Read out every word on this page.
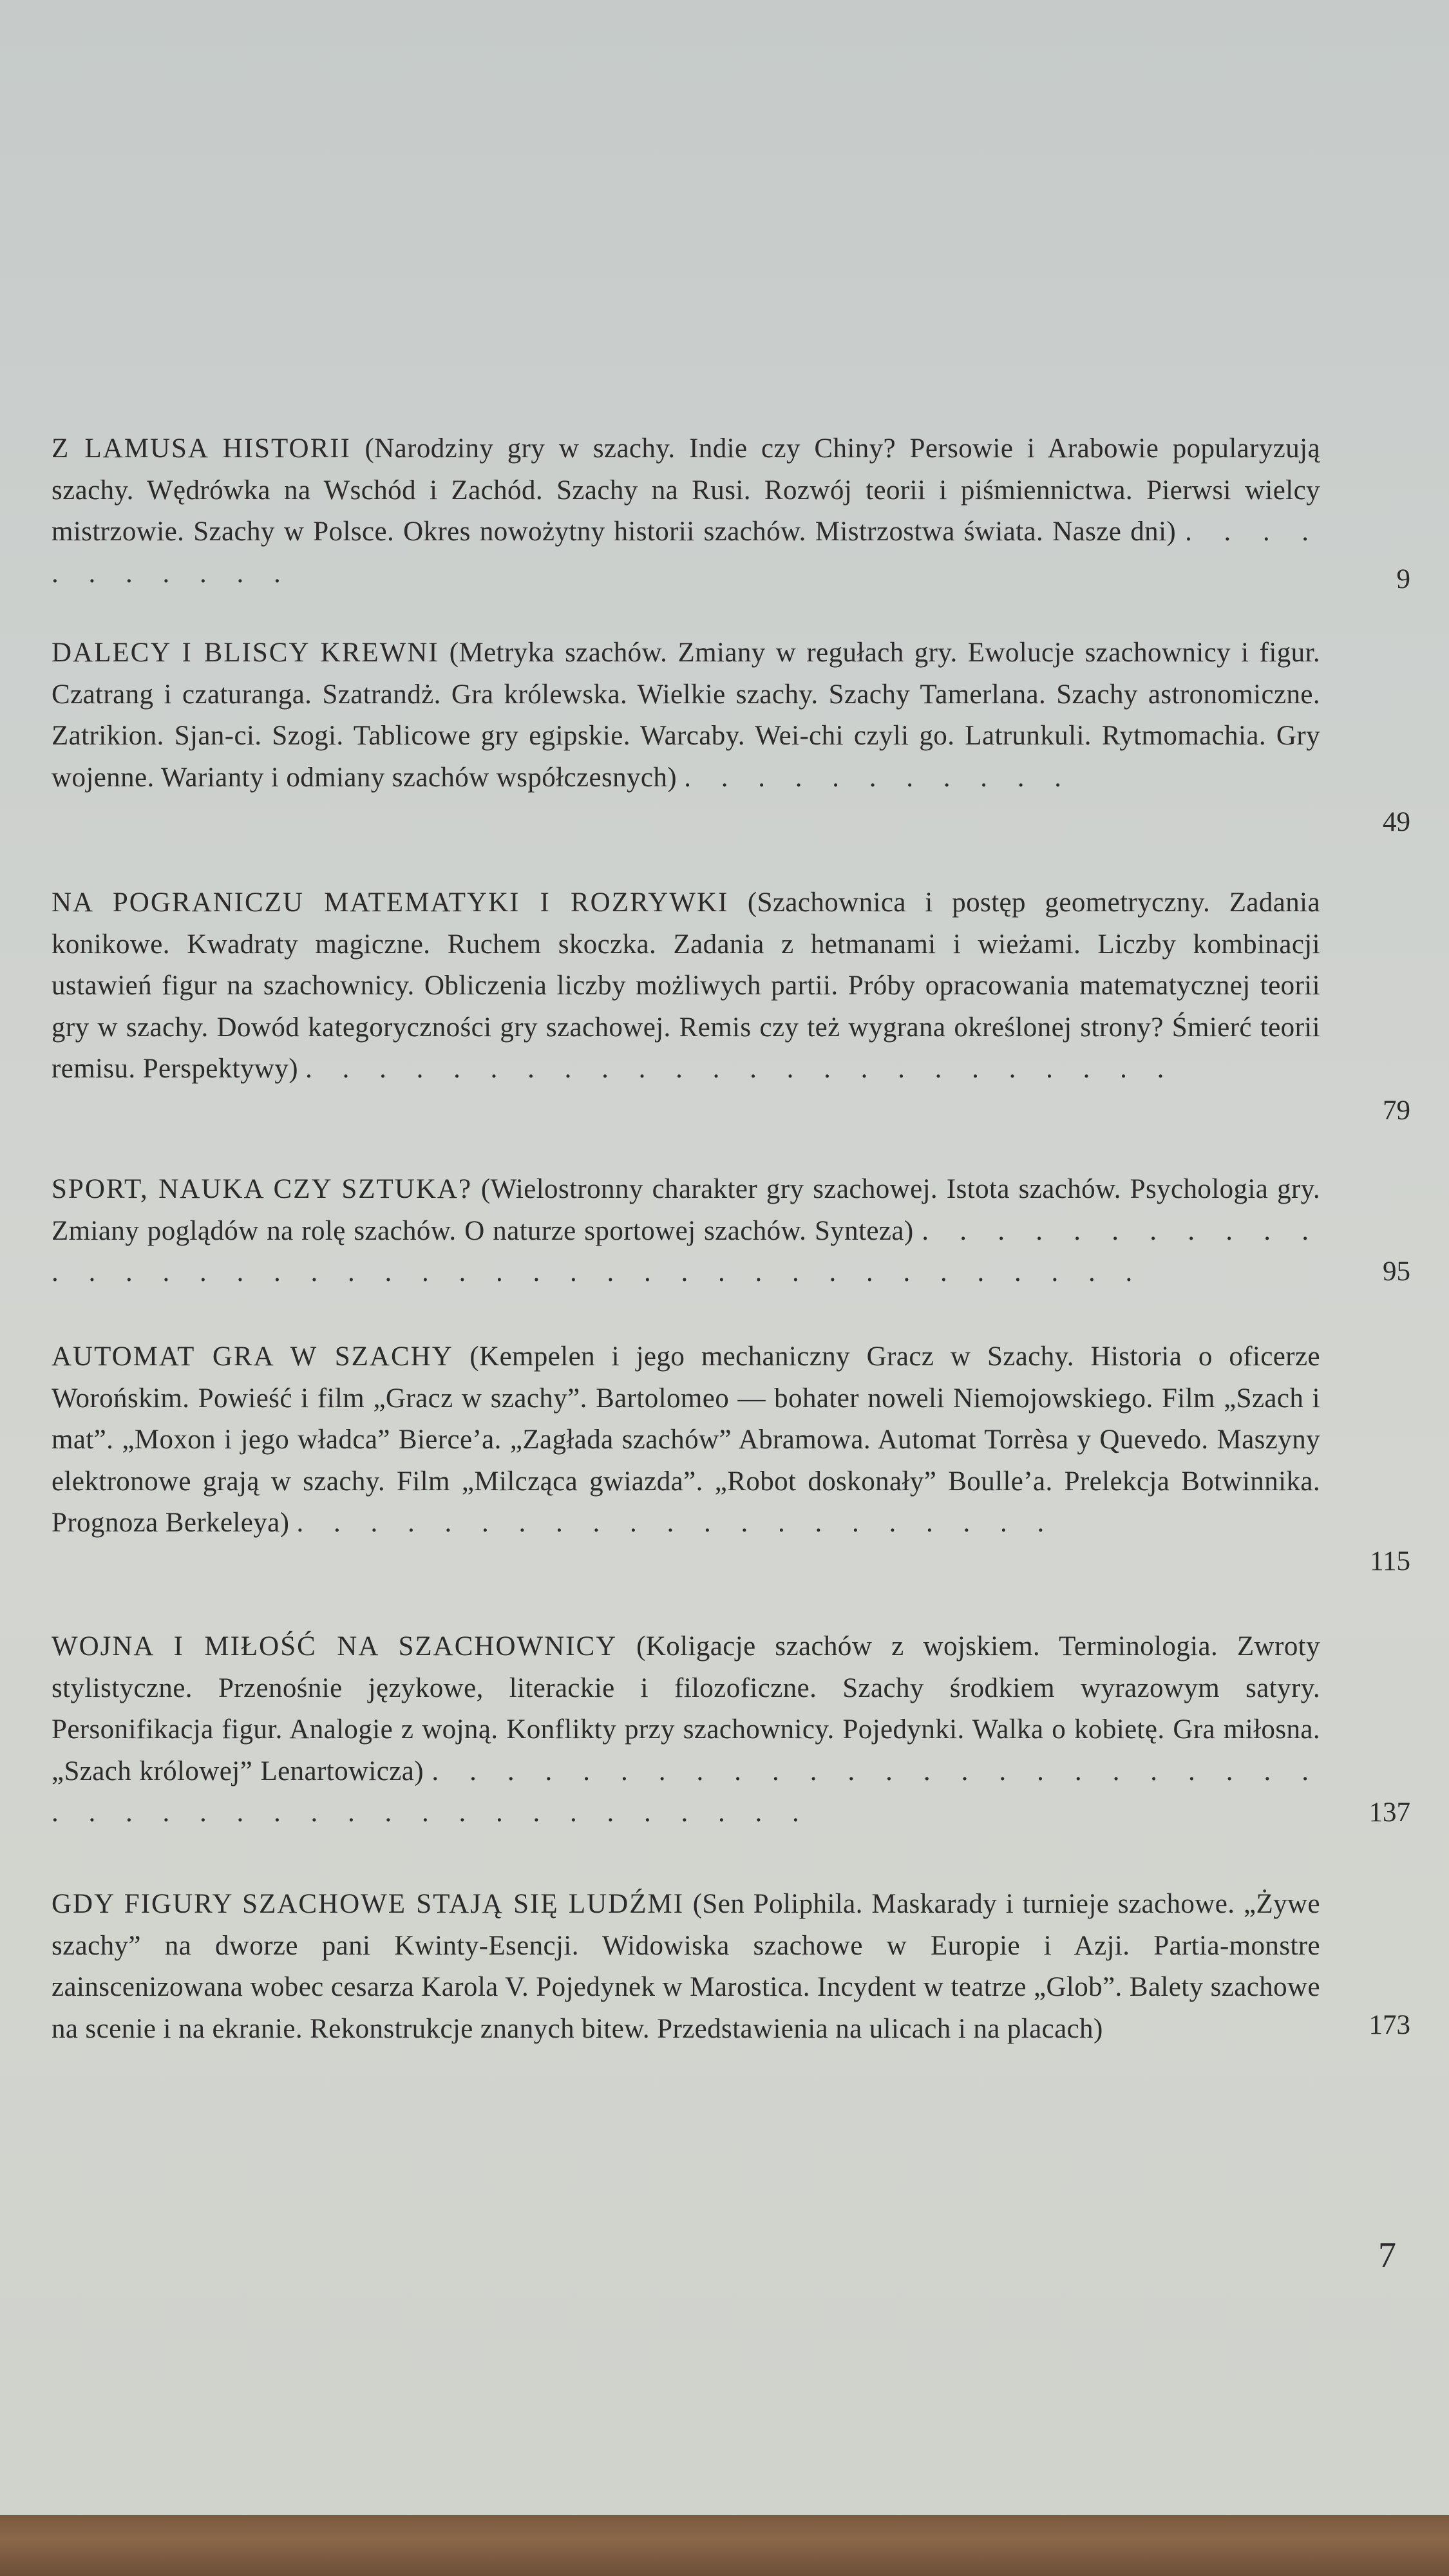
Z LAMUSA HISTORII (Narodziny gry w szachy. Indie czy Chiny? Persowie i Arabowie popularyzują szachy. Wędrówka na Wschód i Zachód. Szachy na Rusi. Rozwój teorii i piśmiennictwa. Pierwsi wielcy mistrzowie. Szachy w Polsce. Okres nowożytny historii szachów. Mistrzostwa świata. Nasze dni) . . . . . . . . . . .	9
DALECY I BLISCY KREWNI (Metryka szachów. Zmiany w regułach gry. Ewolucje szachownicy i figur. Czatrang i czaturanga. Szatrandż. Gra królewska. Wielkie szachy. Szachy Tamerlana. Szachy astronomiczne. Zatrikion. Sjan-ci. Szogi. Tablicowe gry egipskie. Warcaby. Wei-chi czyli go. Latrunkuli. Rytmomachia. Gry wojenne. Warianty i odmiany szachów współczesnych) . . . . . . . . . . .
49
NA POGRANICZU MATEMATYKI I ROZRYWKI (Szachownica i postęp geometryczny. Zadania konikowe. Kwadraty magiczne. Ruchem skoczka. Zadania z hetmanami i wieżami. Liczby kombinacji ustawień figur na szachownicy. Obliczenia liczby możliwych partii. Próby opracowania matematycznej teorii gry w szachy. Dowód kategoryczności gry szachowej. Remis czy też wygrana określonej strony? Śmierć teorii remisu. Perspektywy) . . . . . . . . . . . . . . . . . . . . . . . .
79
SPORT, NAUKA CZY SZTUKA? (Wielostronny charakter gry szachowej. Istota szachów. Psychologia gry. Zmiany poglądów na rolę szachów. O naturze sportowej szachów. Synteza) . . . . . . . . . . . . . . . . . . . . . . . . . . . . . . . . . . . . . . . . .	95
AUTOMAT GRA W SZACHY (Kempelen i jego mechaniczny Gracz w Szachy. Historia o oficerze Worońskim. Powieść i film „Gracz w szachy”. Bartolomeo — bohater noweli Niemojowskiego. Film „Szach i mat”. „Moxon i jego władca” Bierce’a. „Zagłada szachów” Abramowa. Automat Torrèsa y Quevedo. Maszyny elektronowe grają w szachy. Film „Milcząca gwiazda”. „Robot doskonały” Boulle’a. Prelekcja Botwinnika. Prognoza Berkeleya) . . . . . . . . . . . . . . . . . . . . .
115
WOJNA I MIŁOŚĆ NA SZACHOWNICY (Koligacje szachów z wojskiem. Terminologia. Zwroty stylistyczne. Przenośnie językowe, literackie i filozoficzne. Szachy środkiem wyrazowym satyry. Personifikacja figur. Analogie z wojną. Konflikty przy szachownicy. Pojedynki. Walka o kobietę. Gra miłosna. „Szach królowej” Lenartowicza) . . . . . . . . . . . . . . . . . . . . . . . . . . . . . . . . . . . . . . . . . . . . .	137
GDY FIGURY SZACHOWE STAJĄ SIĘ LUDŹMI (Sen Poliphila. Maskarady i turnieje szachowe. „Żywe szachy” na dworze pani Kwinty-Esencji. Widowiska szachowe w Europie i Azji. Partia-monstre zainscenizowana wobec cesarza Karola V. Pojedynek w Marostica. Incydent w teatrze „Glob”. Balety szachowe na scenie i na ekranie. Rekonstrukcje znanych bitew. Przedstawienia na ulicach i na placach)	173
7
